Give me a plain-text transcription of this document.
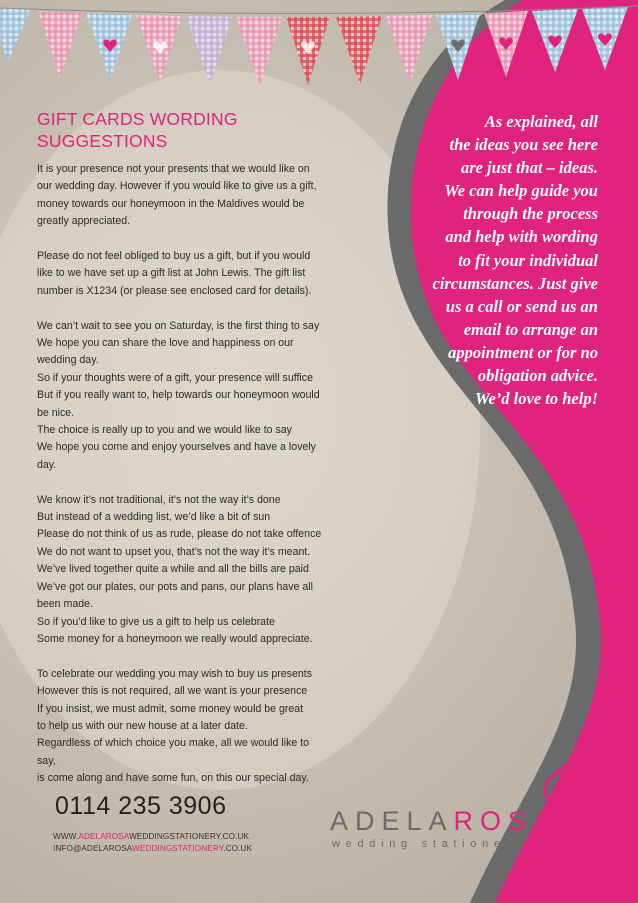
GIFT CARDS WORDING
SUGGESTIONS

It is your presence not your presents that we would like on
our wedding day. However if you would like to give us a gift,
money towards our honeymoon in the Maldives would be
greatly appreciated.

Please do not feel obliged to buy us a gift, but if you would
like to we have set up a gift list at John Lewis. The gift list
number is X1234 (or please see enclosed card for details).

We can’t wait to see you on Saturday, is the first thing to say
We hope you can share the love and happiness on our
wedding day.
So if your thoughts were of a gift, your presence will suffice
But if you really want to, help towards our honeymoon would
be nice.
The choice is really up to you and we would like to say
We hope you come and enjoy yourselves and have a lovely
day.

We know it’s not traditional, it’s not the way it’s done
But instead of a wedding list, we’d like a bit of sun
Please do not think of us as rude, please do not take offence
We do not want to upset you, that’s not the way it’s meant.
We’ve lived together quite a while and all the bills are paid
We’ve got our plates, our pots and pans, our plans have all
been made.
So if you’d like to give us a gift to help us celebrate
Some money for a honeymoon we really would appreciate.

To celebrate our wedding you may wish to buy us presents
However this is not required, all we want is your presence
If you insist, we must admit, some money would be great
to help us with our new house at a later date.
Regardless of which choice you make, all we would like to
say,
is come along and have some fun, on this our special day.

As explained, all
the ideas you see here
are just that – ideas.
We can help guide you
through the process
and help with wording
to fit your individual
circumstances. Just give
us a call or send us an
email to arrange an
appointment or for no
obligation advice.
We’d love to help!
0114 235 3906
WWW.ADELAROSAWEDDINGSTATIONERY.CO.UK
INFO@ADELAROSAWEDDINGSTATIONERY.CO.UK
ADELAROSA
wedding stationery
